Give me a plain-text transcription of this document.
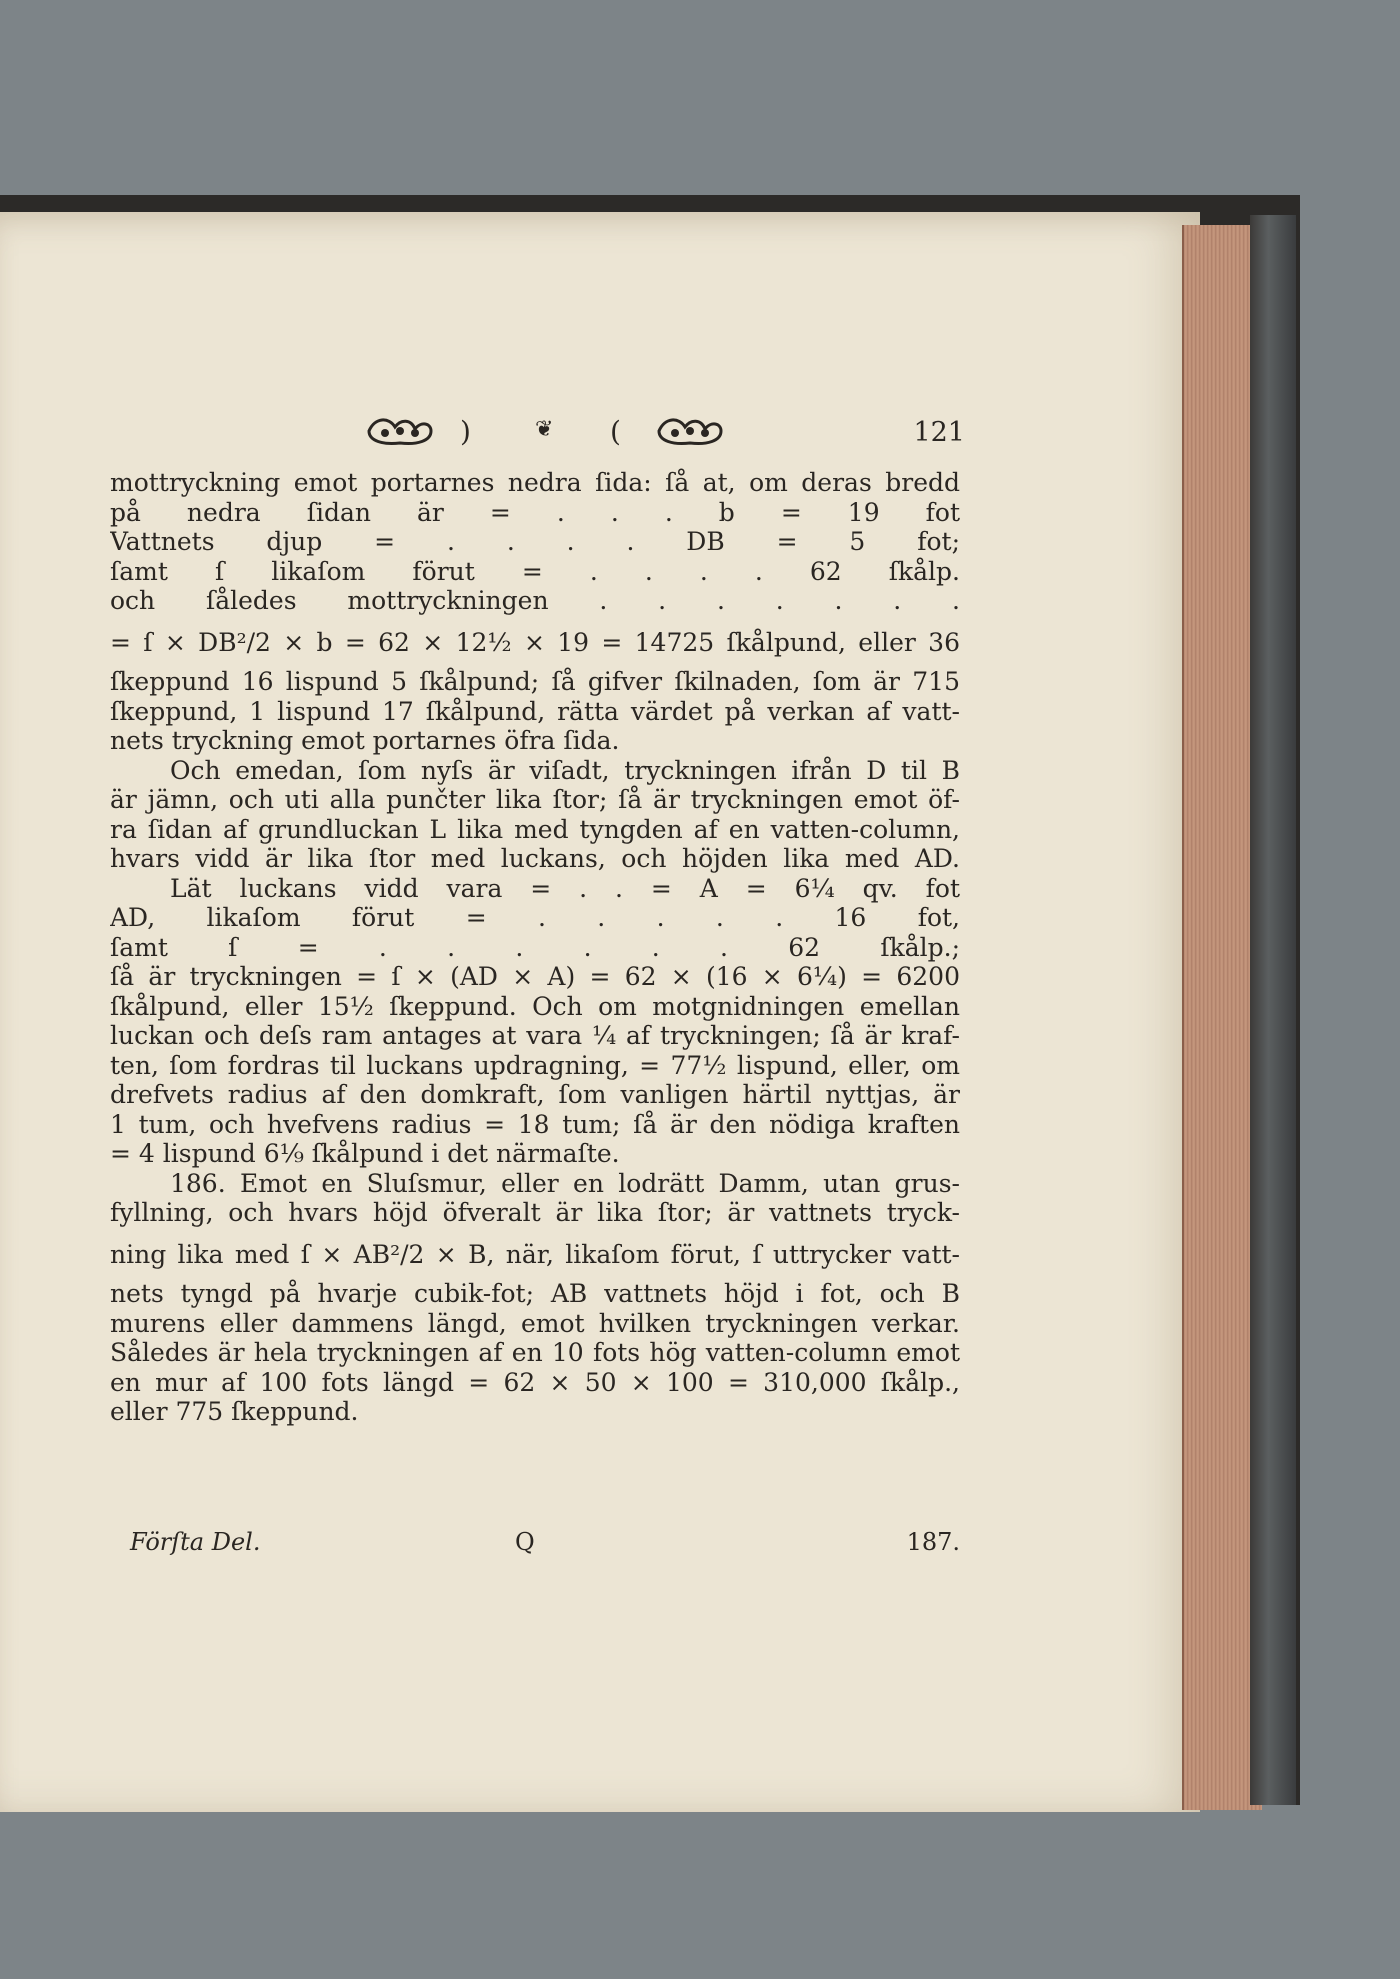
)	❦ (	121
mottryckning emot portarnes nedra ſida: ſå at, om deras bredd
på nedra ſidan är = . . . b = 19 fot
Vattnets djup = . . . . DB = 5 fot;
ſamt ſ likaſom förut = . . . . 62 ſkålp.
och ſåledes mottryckningen . . . . . . .
= ſ × DB²/2 × b = 62 × 12½ × 19 = 14725 ſkålpund, eller 36
ſkeppund 16 lispund 5 ſkålpund; ſå gifver ſkilnaden, ſom är 715
ſkeppund, 1 lispund 17 ſkålpund, rätta värdet på verkan af vatt-
nets tryckning emot portarnes öfra ſida.
Och emedan, ſom nyſs är viſadt, tryckningen ifrån D til B
är jämn, och uti alla punčter lika ſtor; ſå är tryckningen emot öf-
ra ſidan af grundluckan L lika med tyngden af en vatten-column,
hvars vidd är lika ſtor med luckans, och höjden lika med AD.
Lät luckans vidd vara = . . = A = 6¼ qv. fot
AD, likaſom förut = . . . . . 16 fot,
ſamt ſ = . . . . . . 62 ſkålp.;
ſå är tryckningen = ſ × (AD × A) = 62 × (16 × 6¼) = 6200
ſkålpund, eller 15½ ſkeppund. Och om motgnidningen emellan
luckan och deſs ram antages at vara ¼ af tryckningen; ſå är kraf-
ten, ſom fordras til luckans updragning, = 77½ lispund, eller, om
drefvets radius af den domkraft, ſom vanligen härtil nyttjas, är
1 tum, och hvefvens radius = 18 tum; ſå är den nödiga kraften
= 4 lispund 6⅑ ſkålpund i det närmaſte.
186. Emot en Sluſsmur, eller en lodrätt Damm, utan grus-
fyllning, och hvars höjd öfveralt är lika ſtor; är vattnets tryck-
ning lika med ſ × AB²/2 × B, när, likaſom förut, ſ uttrycker vatt-
nets tyngd på hvarje cubik-fot; AB vattnets höjd i fot, och B
murens eller dammens längd, emot hvilken tryckningen verkar.
Således är hela tryckningen af en 10 fots hög vatten-column emot
en mur af 100 fots längd = 62 × 50 × 100 = 310,000 ſkålp.,
eller 775 ſkeppund.
Förſta Del.	Q	187.
